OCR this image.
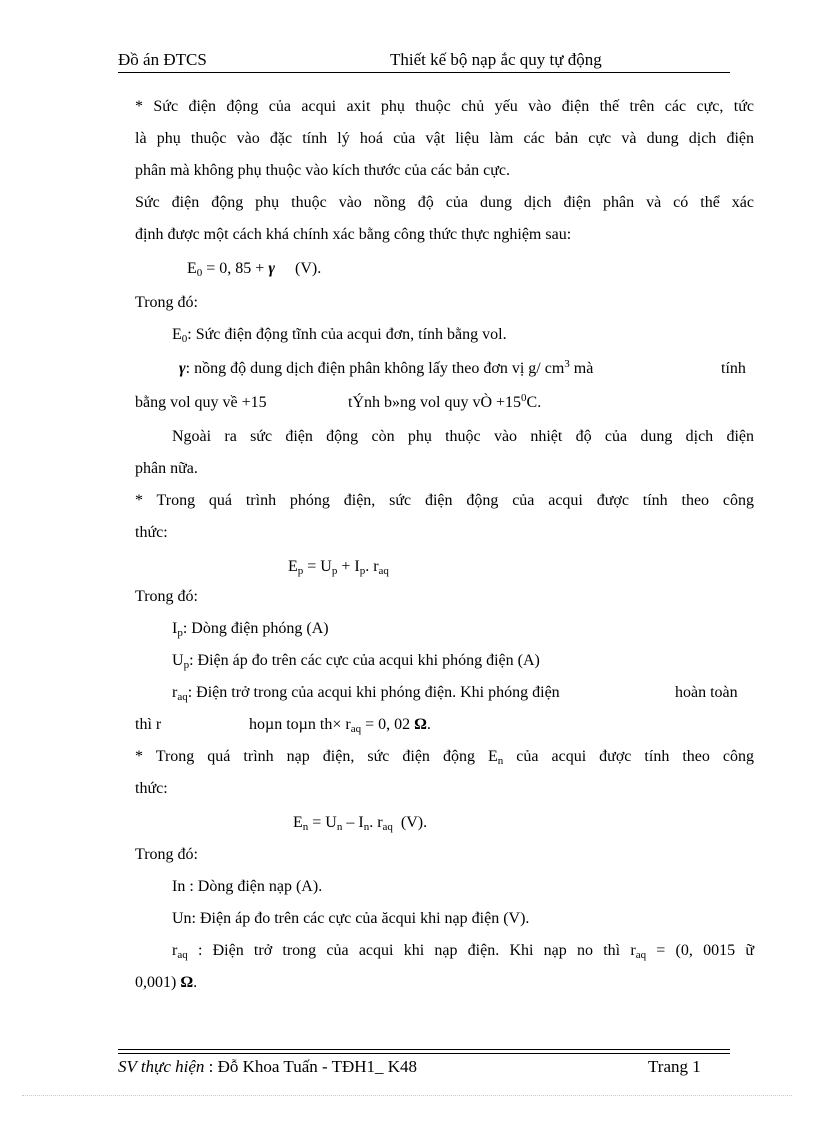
Đồ án ĐTCS	Thiết kế bộ nạp ắc quy tự động
* Sức điện động của acqui axit phụ thuộc chủ yếu vào điện thế trên các cực, tức
là phụ thuộc vào đặc tính lý hoá của vật liệu làm các bản cực và dung dịch điện
phân mà không phụ thuộc vào kích thước của các bản cực.
Sức điện động phụ thuộc vào nồng độ của dung dịch điện phân và có thể xác
định được một cách khá chính xác bằng công thức thực nghiệm sau:
$E_0 = 0$, 85 + γ     (V).
Trong đó:
$E_0$: Sức điện động tĩnh của acqui đơn, tính bằng vol.
γ: nồng độ dung dịch điện phân không lấy theo đơn vị g/ $cm^3$ mà	tính
bằng vol quy về +15	tÝnh b»ng vol quy vÒ $+15^0C$.
Ngoài ra sức điện động còn phụ thuộc vào nhiệt độ của dung dịch điện
phân nữa.
* Trong quá trình phóng điện, sức điện động của acqui được tính theo công
thức:
$E_p = U_p + I_p$. $r_{aq}$
Trong đó:
$I_p$: Dòng điện phóng (A)
$U_p$: Điện áp đo trên các cực của acqui khi phóng điện (A)
$r_{aq}$: Điện trở trong của acqui khi phóng điện. Khi phóng điện	hoàn toàn
thì r	hoµn toµn $th\times r_{aq} = 0$, 02 Ω.
* Trong quá trình nạp điện, sức điện động $E_n$ của acqui được tính theo công
thức:
$E_n = U_n - I_n$. $r_{aq}$  (V).
Trong đó:
In : Dòng điện nạp (A).
Un: Điện áp đo trên các cực của ăcqui khi nạp điện (V).
$r_{aq}$ : Điện trở trong của acqui khi nạp điện. Khi nạp no thì $r_{aq} = (0$, 0015 ữ
0,001) Ω.
SV thực hiện : Đỗ Khoa Tuấn - TĐH1_ K48	Trang 1
